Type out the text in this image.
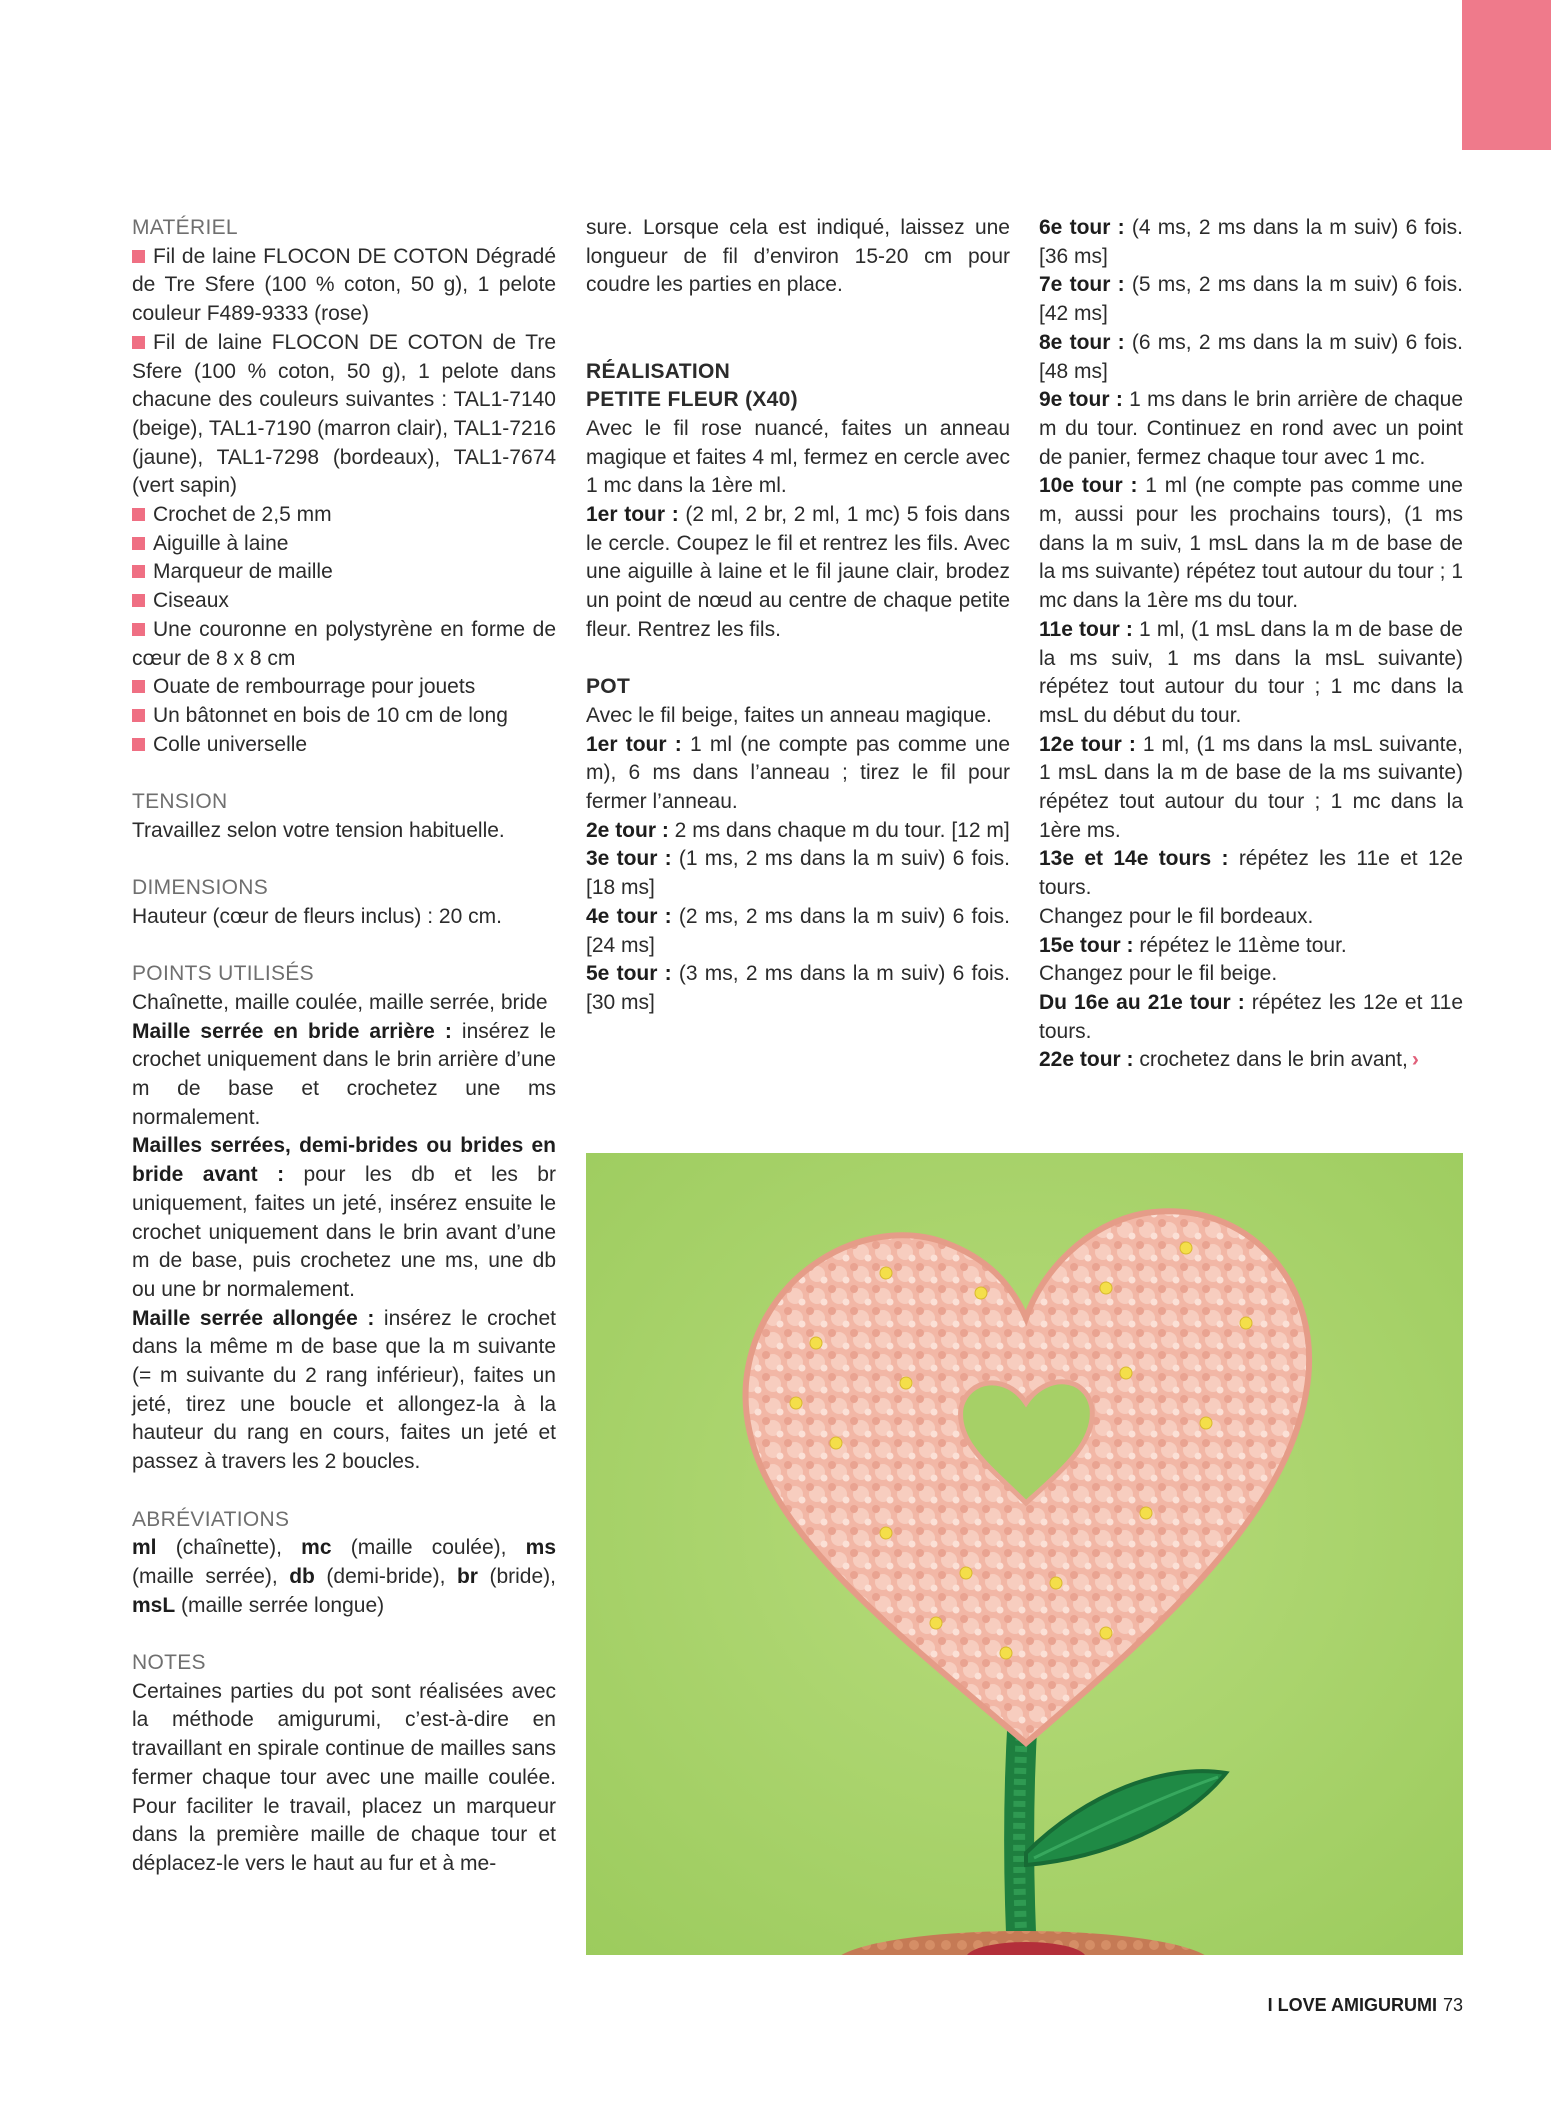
MATÉRIEL

Fil de laine FLOCON DE COTON Dégradé de Tre Sfere (100 % coton, 50 g), 1 pelote couleur F489-9333 (rose)

Fil de laine FLOCON DE COTON de Tre Sfere (100 % coton, 50 g), 1 pelote dans chacune des couleurs suivantes : TAL1-7140 (beige), TAL1-7190 (marron clair), TAL1-7216 (jaune), TAL1-7298 (bordeaux), TAL1-7674 (vert sapin)

Crochet de 2,5 mm

Aiguille à laine

Marqueur de maille

Ciseaux

Une couronne en polystyrène en forme de cœur de 8 x 8 cm

Ouate de rembourrage pour jouets

Un bâtonnet en bois de 10 cm de long

Colle universelle

TENSION

Travaillez selon votre tension habituelle.

DIMENSIONS

Hauteur (cœur de fleurs inclus) : 20 cm.

POINTS UTILISÉS

Chaînette, maille coulée, maille serrée, bride

Maille serrée en bride arrière : insérez le crochet uniquement dans le brin arrière d’une m de base et crochetez une ms normalement.

Mailles serrées, demi-brides ou brides en bride avant : pour les db et les br uniquement, faites un jeté, insérez ensuite le crochet uniquement dans le brin avant d’une m de base, puis crochetez une ms, une db ou une br normalement.

Maille serrée allongée : insérez le crochet dans la même m de base que la m suivante (= m suivante du 2 rang inférieur), faites un jeté, tirez une boucle et allongez-la à la hauteur du rang en cours, faites un jeté et passez à travers les 2 boucles.

ABRÉVIATIONS

ml (chaînette), mc (maille coulée), ms (maille serrée), db (demi-bride), br (bride), msL (maille serrée longue)

NOTES

Certaines parties du pot sont réalisées avec la méthode amigurumi, c’est-à-dire en travaillant en spirale continue de mailles sans fermer chaque tour avec une maille coulée. Pour faciliter le travail, placez un marqueur dans la première maille de chaque tour et déplacez-le vers le haut au fur et à me-

sure. Lorsque cela est indiqué, laissez une longueur de fil d’environ 15-20 cm pour coudre les parties en place.

RÉALISATION

PETITE FLEUR (X40)

Avec le fil rose nuancé, faites un anneau magique et faites 4 ml, fermez en cercle avec 1 mc dans la 1ère ml.

1er tour : (2 ml, 2 br, 2 ml, 1 mc) 5 fois dans le cercle. Coupez le fil et rentrez les fils. Avec une aiguille à laine et le fil jaune clair, brodez un point de nœud au centre de chaque petite fleur. Rentrez les fils.

POT

Avec le fil beige, faites un anneau magique.

1er tour : 1 ml (ne compte pas comme une m), 6 ms dans l’anneau ; tirez le fil pour fermer l’anneau.

2e tour : 2 ms dans chaque m du tour. [12 m]

3e tour : (1 ms, 2 ms dans la m suiv) 6 fois. [18 ms]

4e tour : (2 ms, 2 ms dans la m suiv) 6 fois. [24 ms]

5e tour : (3 ms, 2 ms dans la m suiv) 6 fois. [30 ms]

6e tour : (4 ms, 2 ms dans la m suiv) 6 fois. [36 ms]

7e tour : (5 ms, 2 ms dans la m suiv) 6 fois. [42 ms]

8e tour : (6 ms, 2 ms dans la m suiv) 6 fois. [48 ms]

9e tour : 1 ms dans le brin arrière de chaque m du tour. Continuez en rond avec un point de panier, fermez chaque tour avec 1 mc.

10e tour : 1 ml (ne compte pas comme une m, aussi pour les prochains tours), (1 ms dans la m suiv, 1 msL dans la m de base de la ms suivante) répétez tout autour du tour ; 1 mc dans la 1ère ms du tour.

11e tour : 1 ml, (1 msL dans la m de base de la ms suiv, 1 ms dans la msL suivante) répétez tout autour du tour ; 1 mc dans la msL du début du tour.

12e tour : 1 ml, (1 ms dans la msL suivante, 1 msL dans la m de base de la ms suivante) répétez tout autour du tour ; 1 mc dans la 1ère ms.

13e et 14e tours : répétez les 11e et 12e tours.

Changez pour le fil bordeaux.

15e tour : répétez le 11ème tour.

Changez pour le fil beige.

Du 16e au 21e tour : répétez les 12e et 11e tours.

22e tour : crochetez dans le brin avant, ›

I LOVE AMIGURUMI 73
